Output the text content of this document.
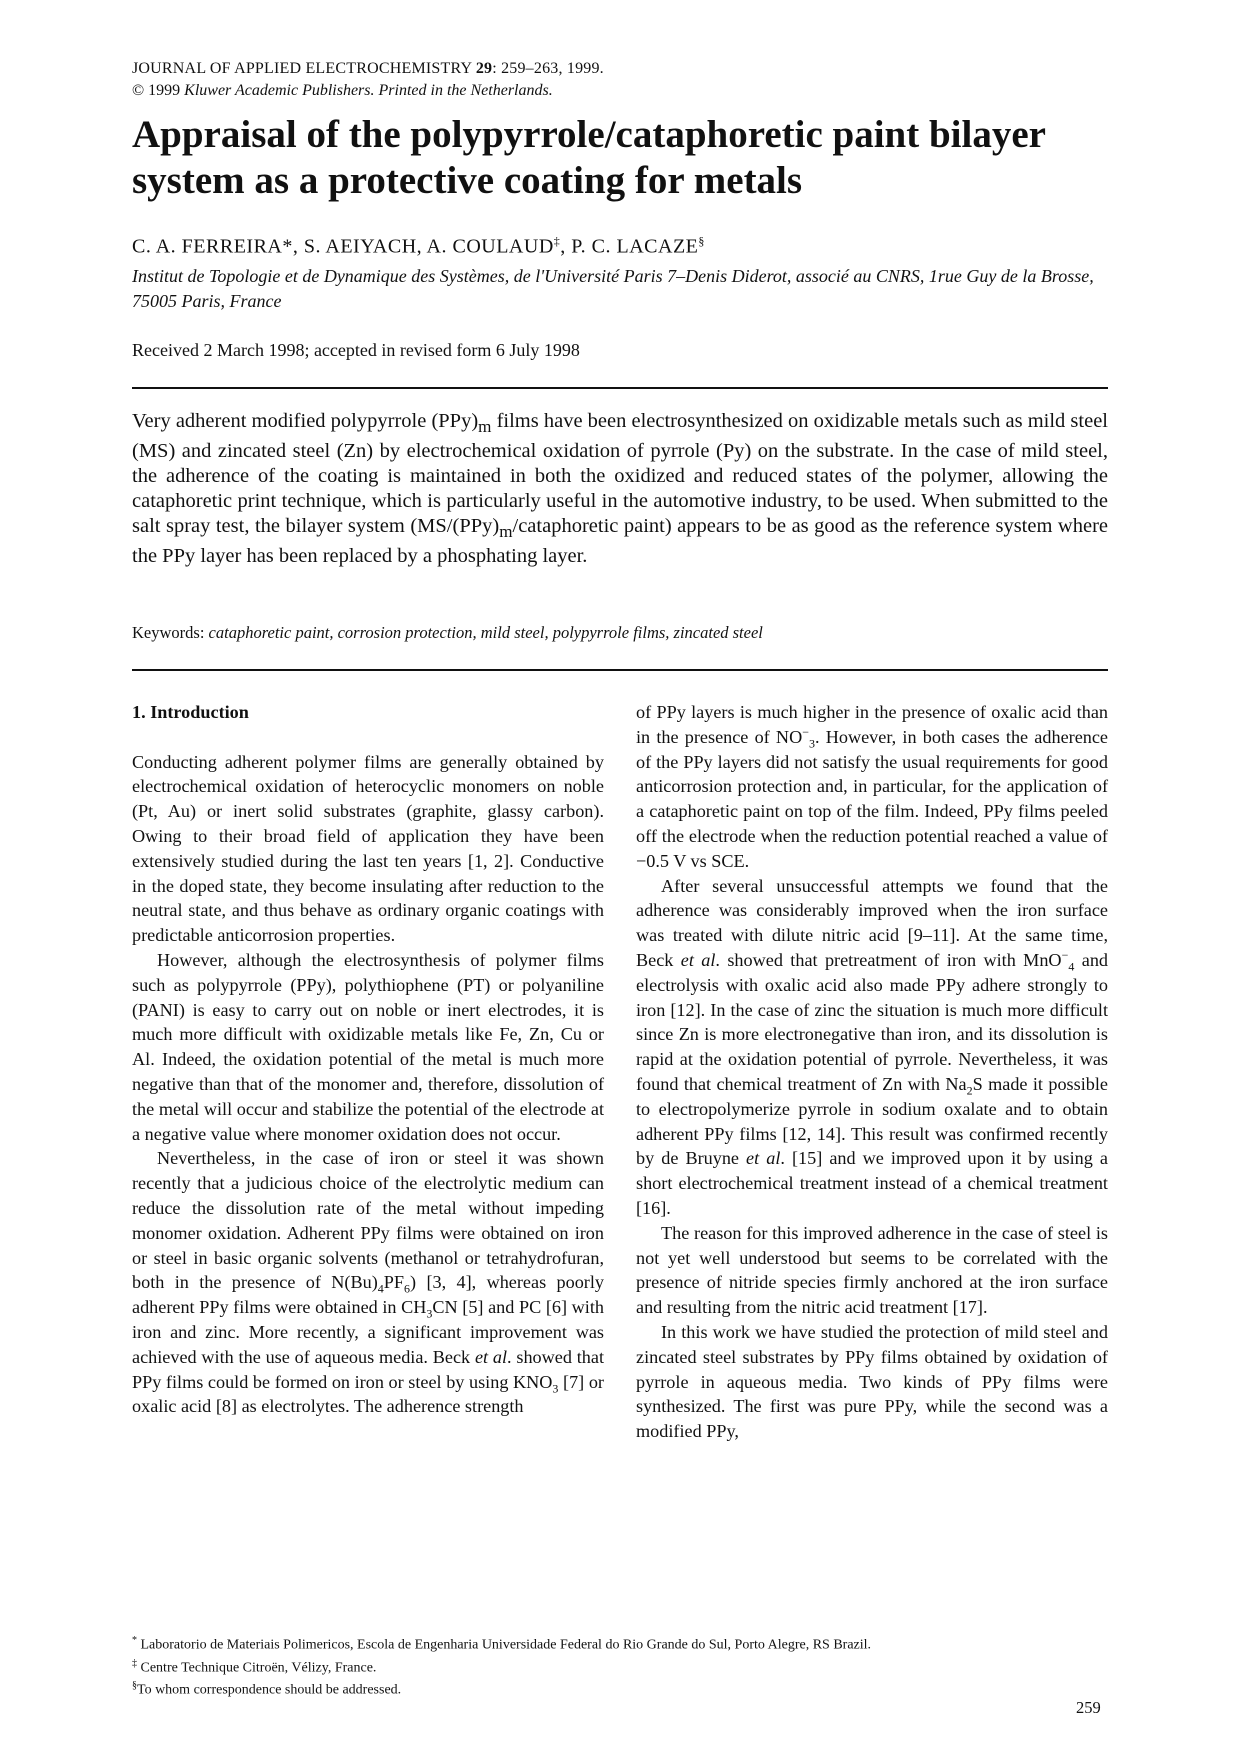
JOURNAL OF APPLIED ELECTROCHEMISTRY 29: 259–263, 1999.
© 1999 Kluwer Academic Publishers. Printed in the Netherlands.
Appraisal of the polypyrrole/cataphoretic paint bilayer system as a protective coating for metals
C. A. FERREIRA*, S. AEIYACH, A. COULAUD‡, P. C. LACAZE§
Institut de Topologie et de Dynamique des Systèmes, de l'Université Paris 7–Denis Diderot, associé au CNRS, 1rue Guy de la Brosse, 75005 Paris, France
Received 2 March 1998; accepted in revised form 6 July 1998

Very adherent modified polypyrrole $(PPy)_m$ films have been electrosynthesized on oxidizable metals such as mild steel (MS) and zincated steel (Zn) by electrochemical oxidation of pyrrole (Py) on the substrate. In the case of mild steel, the adherence of the coating is maintained in both the oxidized and reduced states of the polymer, allowing the cataphoretic print technique, which is particularly useful in the automotive industry, to be used. When submitted to the salt spray test, the bilayer system ($MS/(PPy)_m$/cataphoretic paint) appears to be as good as the reference system where the PPy layer has been replaced by a phosphating layer.

Keywords: cataphoretic paint, corrosion protection, mild steel, polypyrrole films, zincated steel
1. Introduction

Conducting adherent polymer films are generally obtained by electrochemical oxidation of heterocyclic monomers on noble (Pt, Au) or inert solid substrates (graphite, glassy carbon). Owing to their broad field of application they have been extensively studied during the last ten years [1, 2]. Conductive in the doped state, they become insulating after reduction to the neutral state, and thus behave as ordinary organic coatings with predictable anticorrosion properties.

However, although the electrosynthesis of polymer films such as polypyrrole (PPy), polythiophene (PT) or polyaniline (PANI) is easy to carry out on noble or inert electrodes, it is much more difficult with oxidizable metals like Fe, Zn, Cu or Al. Indeed, the oxidation potential of the metal is much more negative than that of the monomer and, therefore, dissolution of the metal will occur and stabilize the potential of the electrode at a negative value where monomer oxidation does not occur.

Nevertheless, in the case of iron or steel it was shown recently that a judicious choice of the electrolytic medium can reduce the dissolution rate of the metal without impeding monomer oxidation. Adherent PPy films were obtained on iron or steel in basic organic solvents (methanol or tetrahydrofuran, both in the presence of $N(Bu)_4PF_6$) [3, 4], whereas poorly adherent PPy films were obtained in $CH_3CN$ [5] and PC [6] with iron and zinc. More recently, a significant improvement was achieved with the use of aqueous media. Beck et al. showed that PPy films could be formed on iron or steel by using $KNO_3$ [7] or oxalic acid [8] as electrolytes. The adherence strength

of PPy layers is much higher in the presence of oxalic acid than in the presence of $NO^-_3$. However, in both cases the adherence of the PPy layers did not satisfy the usual requirements for good anticorrosion protection and, in particular, for the application of a cataphoretic paint on top of the film. Indeed, PPy films peeled off the electrode when the reduction potential reached a value of −0.5 V vs SCE.

After several unsuccessful attempts we found that the adherence was considerably improved when the iron surface was treated with dilute nitric acid [9–11]. At the same time, Beck et al. showed that pretreatment of iron with MnO−$_4$ and electrolysis with oxalic acid also made PPy adhere strongly to iron [12]. In the case of zinc the situation is much more difficult since Zn is more electronegative than iron, and its dissolution is rapid at the oxidation potential of pyrrole. Nevertheless, it was found that chemical treatment of Zn with $Na_2S$ made it possible to electropolymerize pyrrole in sodium oxalate and to obtain adherent PPy films [12, 14]. This result was confirmed recently by de Bruyne et al. [15] and we improved upon it by using a short electrochemical treatment instead of a chemical treatment [16].

The reason for this improved adherence in the case of steel is not yet well understood but seems to be correlated with the presence of nitride species firmly anchored at the iron surface and resulting from the nitric acid treatment [17].

In this work we have studied the protection of mild steel and zincated steel substrates by PPy films obtained by oxidation of pyrrole in aqueous media. Two kinds of PPy films were synthesized. The first was pure PPy, while the second was a modified PPy,

* Laboratorio de Materiais Polimericos, Escola de Engenharia Universidade Federal do Rio Grande do Sul, Porto Alegre, RS Brazil.
‡ Centre Technique Citroën, Vélizy, France.
§To whom correspondence should be addressed.
259
